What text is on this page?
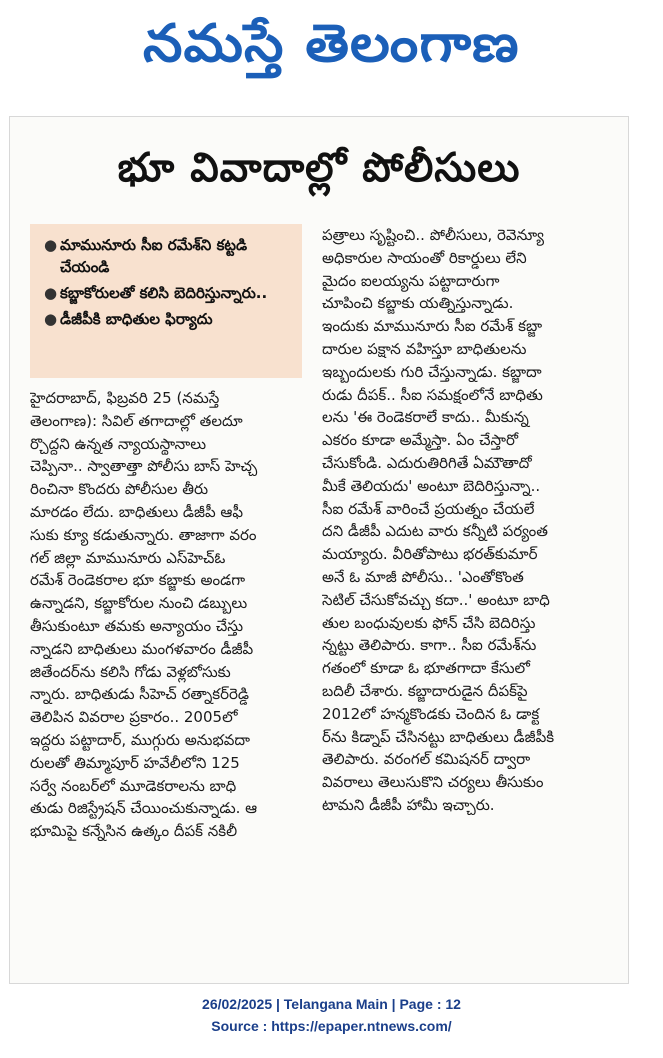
నమస్తే తెలంగాణ
భూ వివాదాల్లో పోలీసులు
● మామునూరు సీఐ రమేశ్‌ని కట్టడి చేయండి
● కబ్జాకోరులతో కలిసి బెదిరిస్తున్నారు..
● డీజీపీకి బాధితుల ఫిర్యాదు
హైదరాబాద్, ఫిబ్రవరి 25 (నమస్తే
తెలంగాణ): సివిల్ తగాదాల్లో తలదూ
ర్చొద్దని ఉన్నత న్యాయస్థానాలు
చెప్పినా.. స్వాతాత్తా పోలీసు బాస్ హెచ్చ
రించినా కొందరు పోలీసుల తీరు
మారడం లేదు. బాధితులు డీజీపీ ఆఫీ
సుకు క్యూ కడుతున్నారు. తాజాగా వరం
గల్ జిల్లా మామునూరు ఎస్‌హెచ్‌ఓ
రమేశ్ రెండెకరాల భూ కబ్జాకు అండగా
ఉన్నాడని, కబ్జాకోరుల నుంచి డబ్బులు
తీసుకుంటూ తమకు అన్యాయం చేస్తు
న్నాడని బాధితులు మంగళవారం డీజీపీ
జితేందర్‌ను కలిసి గోడు వెళ్లబోసుకు
న్నారు. బాధితుడు సీహెచ్ రత్నాకర్‌రెడ్డి
తెలిపిన వివరాల ప్రకారం.. 2005లో
ఇద్దరు పట్టాదార్, ముగ్గురు అనుభవదా
రులతో తిమ్మాపూర్ హవేలీలోని 125
సర్వే నంబర్‌లో మూడెకరాలను బాధి
తుడు రిజిస్ట్రేషన్ చేయించుకున్నాడు. ఆ
భూమిపై కన్నేసిన ఉత్కం దీపక్ నకిలీ
పత్రాలు సృష్టించి.. పోలీసులు, రెవెన్యూ
అధికారుల సాయంతో రికార్డులు లేని
మైదం ఐలయ్యను పట్టాదారుగా
చూపించి కబ్జాకు యత్నిస్తున్నాడు.
ఇందుకు మామునూరు సీఐ రమేశ్ కబ్జా
దారుల పక్షాన వహిస్తూ బాధితులను
ఇబ్బందులకు గురి చేస్తున్నాడు. కబ్జాదా
రుడు దీపక్.. సీఐ సమక్షంలోనే బాధితు
లను 'ఈ రెండెకరాలే కాదు.. మీకున్న
ఎకరం కూడా అమ్మేస్తా. ఏం చేస్తారో
చేసుకోండి. ఎదురుతిరిగితే ఏమౌతాదో
మీకే తెలియదు' అంటూ బెదిరిస్తున్నా..
సీఐ రమేశ్ వారించే ప్రయత్నం చేయలే
దని డీజీపీ ఎదుట వారు కన్నీటి పర్యంత
మయ్యారు. వీరితోపాటు భరత్‌కుమార్
అనే ఓ మాజీ పోలీసు.. 'ఎంతోకొంత
సెటిల్ చేసుకోవచ్చు కదా..' అంటూ బాధి
తుల బంధువులకు ఫోన్ చేసి బెదిరిస్తు
న్నట్టు తెలిపారు. కాగా.. సీఐ రమేశ్‌ను
గతంలో కూడా ఓ భూతగాదా కేసులో
బదిలీ చేశారు. కబ్జాదారుడైన దీపక్‌పై
2012లో హన్మకొండకు చెందిన ఓ డాక్ట
ర్‌ను కిడ్నాప్ చేసినట్టు బాధితులు డీజీపీకి
తెలిపారు. వరంగల్ కమిషనర్ ద్వారా
వివరాలు తెలుసుకొని చర్యలు తీసుకుం
టామని డీజీపీ హామీ ఇచ్చారు.
26/02/2025 | Telangana Main | Page : 12
Source : https://epaper.ntnews.com/
